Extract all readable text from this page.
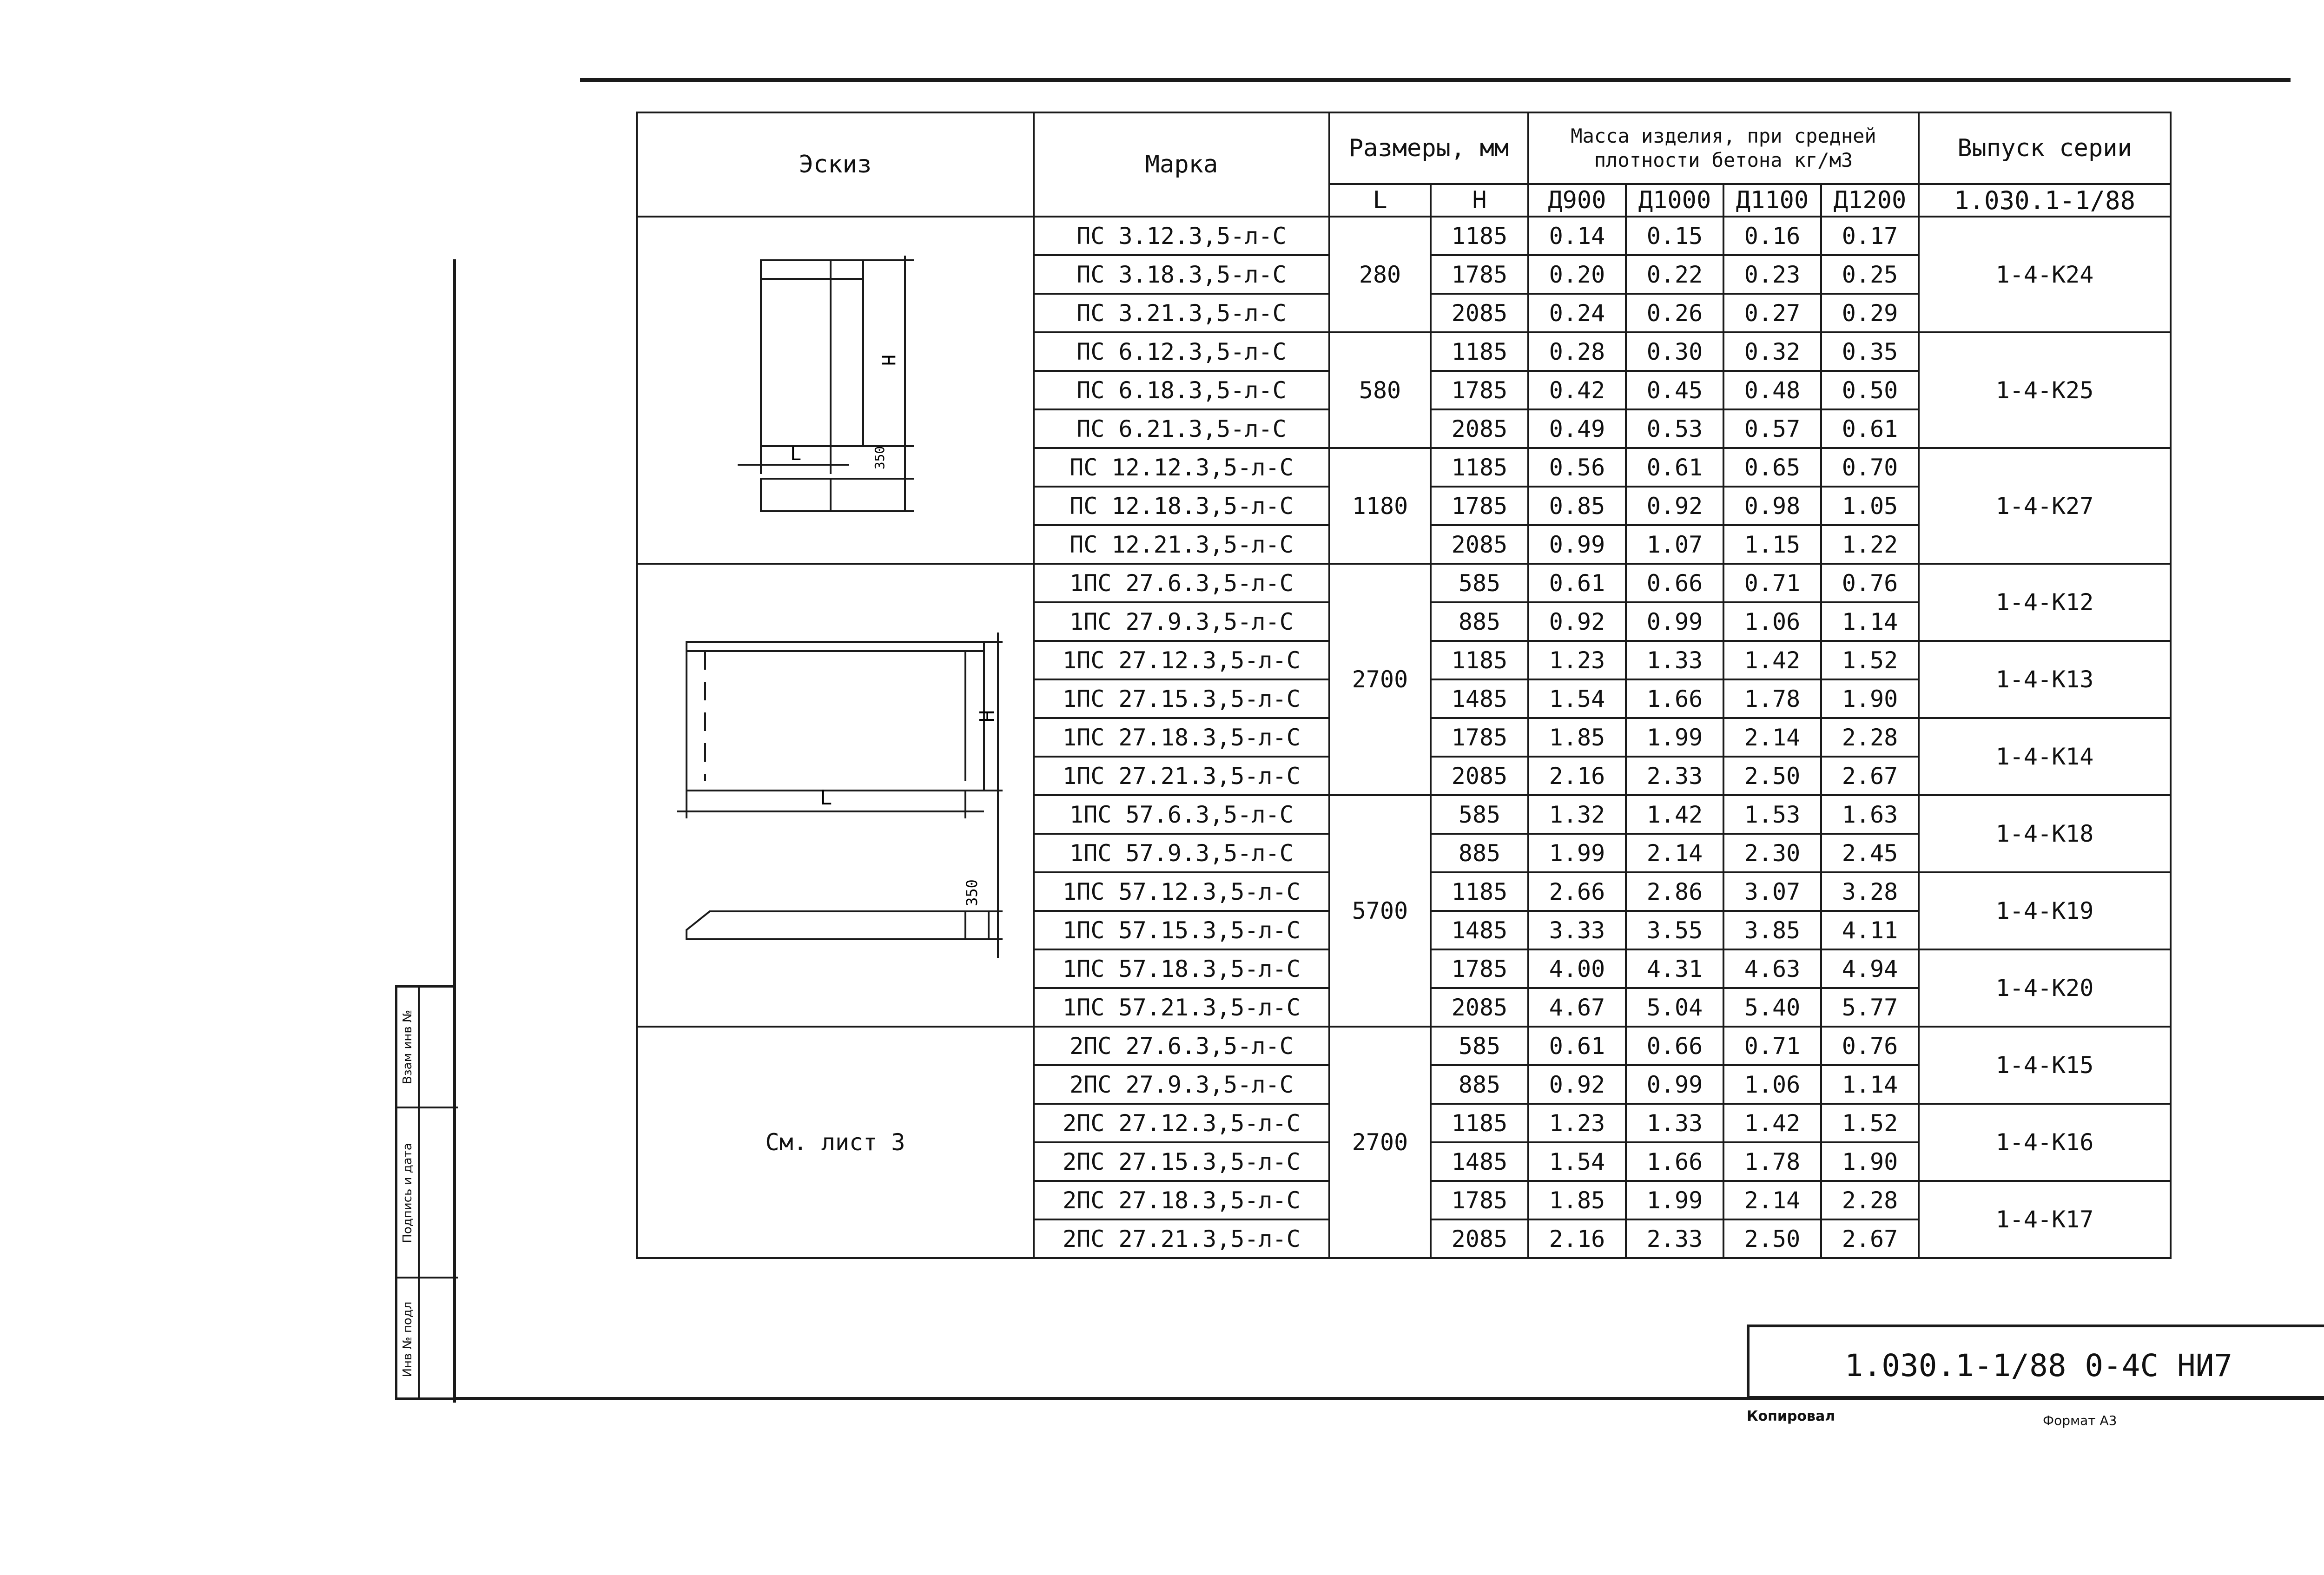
Эскиз	Марка	Размеры, мм		Масса изделия, при средней плотности бетона кг/м3				Выпуск серии
		L	H	Д900	Д1000	Д1100	Д1200	1.030.1-1/88

H
L 350	ПС 3.12.3,5-л-С	280	1185	0.14	0.15	0.16	0.17	1-4-К24
	ПС 3.18.3,5-л-С		1785	0.20	0.22	0.23	0.25	
	ПС 3.21.3,5-л-С		2085	0.24	0.26	0.27	0.29	
	ПС 6.12.3,5-л-С	580	1185	0.28	0.30	0.32	0.35	1-4-К25
	ПС 6.18.3,5-л-С		1785	0.42	0.45	0.48	0.50	
	ПС 6.21.3,5-л-С		2085	0.49	0.53	0.57	0.61	
	ПС 12.12.3,5-л-С	1180	1185	0.56	0.61	0.65	0.70	1-4-К27
	ПС 12.18.3,5-л-С		1785	0.85	0.92	0.98	1.05	
	ПС 12.21.3,5-л-С		2085	0.99	1.07	1.15	1.22	

H
L
350	1ПС 27.6.3,5-л-С	2700	585	0.61	0.66	0.71	0.76	1-4-К12
	1ПС 27.9.3,5-л-С		885	0.92	0.99	1.06	1.14	
	1ПС 27.12.3,5-л-С		1185	1.23	1.33	1.42	1.52	1-4-К13
	1ПС 27.15.3,5-л-С		1485	1.54	1.66	1.78	1.90	
	1ПС 27.18.3,5-л-С		1785	1.85	1.99	2.14	2.28	1-4-К14
	1ПС 27.21.3,5-л-С		2085	2.16	2.33	2.50	2.67	
	1ПС 57.6.3,5-л-С	5700	585	1.32	1.42	1.53	1.63	1-4-К18
	1ПС 57.9.3,5-л-С		885	1.99	2.14	2.30	2.45	
	1ПС 57.12.3,5-л-С		1185	2.66	2.86	3.07	3.28	1-4-К19
	1ПС 57.15.3,5-л-С		1485	3.33	3.55	3.85	4.11	
	1ПС 57.18.3,5-л-С		1785	4.00	4.31	4.63	4.94	1-4-К20
	1ПС 57.21.3,5-л-С		2085	4.67	5.04	5.40	5.77	
См. лист 3	2ПС 27.6.3,5-л-С	2700	585	0.61	0.66	0.71	0.76	1-4-К15
	2ПС 27.9.3,5-л-С		885	0.92	0.99	1.06	1.14	
	2ПС 27.12.3,5-л-С		1185	1.23	1.33	1.42	1.52	1-4-К16
	2ПС 27.15.3,5-л-С		1485	1.54	1.66	1.78	1.90	
	2ПС 27.18.3,5-л-С		1785	1.85	1.99	2.14	2.28	1-4-К17
	2ПС 27.21.3,5-л-С		2085	2.16	2.33	2.50	2.67	
Взам инв №
Подпись и дата
Инв № подл	1.030.1-1/88 0-4С НИ7
Копировал	Формат А3
